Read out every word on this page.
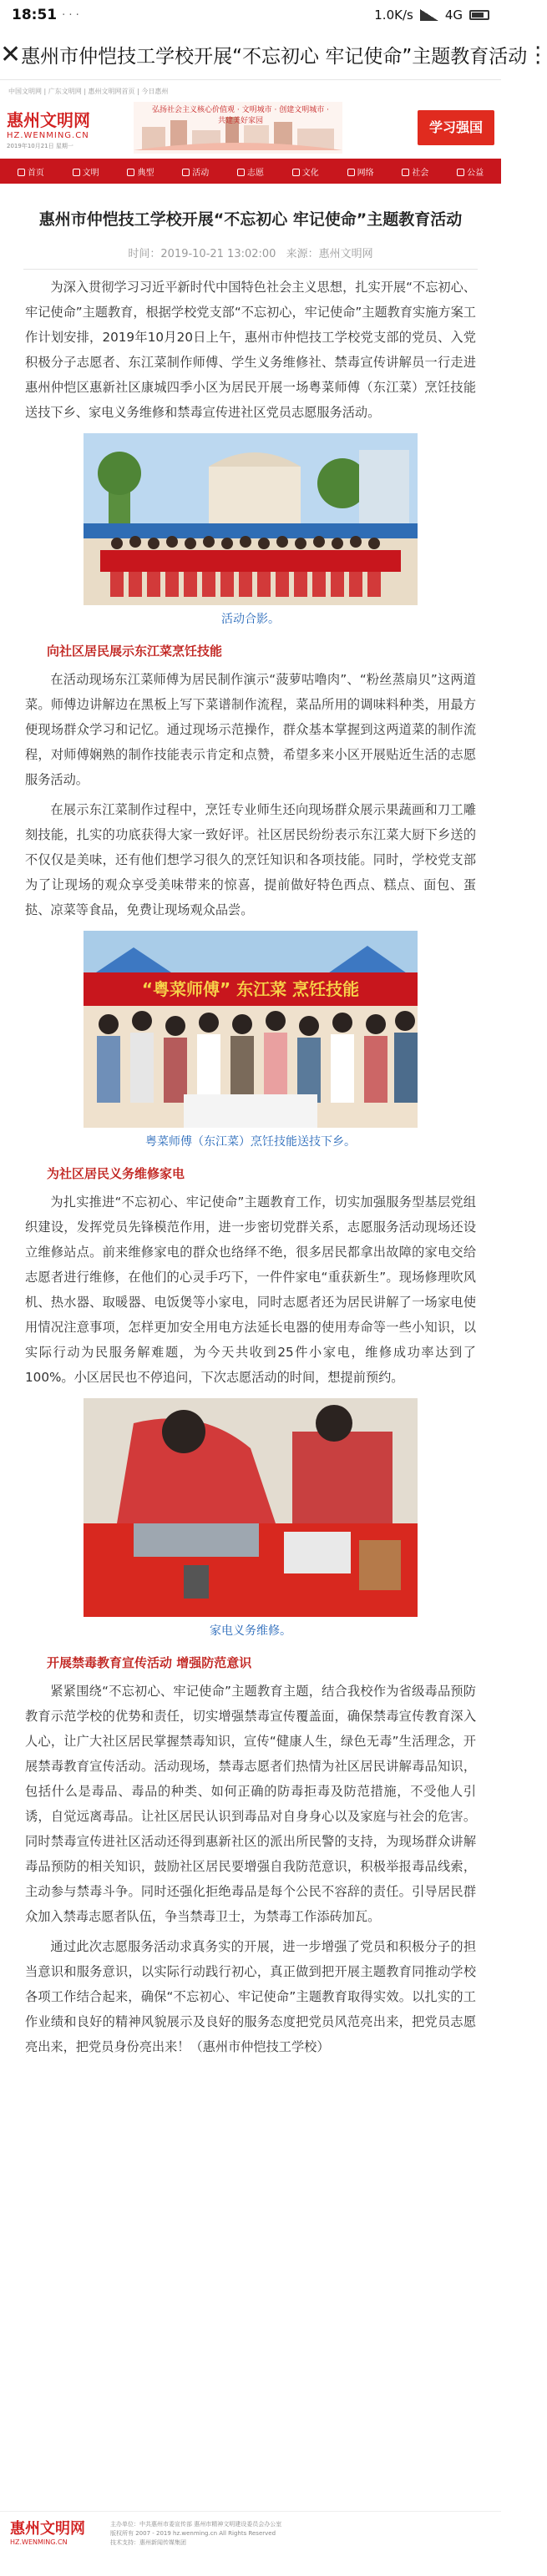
18:51 · · ·	1.0K/s	4G
✕ 惠州市仲恺技工学校开展“不忘初心 牢记使命”主题教育活动 ⋮
中国文明网 | 广东文明网 | 惠州文明网首页 | 今日惠州
惠州文明网
HZ.WENMING.CN
2019年10月21日 星期一
弘扬社会主义核心价值观 · 文明城市 · 创建文明城市 · 共建美好家园	学习强国
首页	文明	典型	活动	志愿	文化	网络	社会	公益
惠州市仲恺技工学校开展“不忘初心 牢记使命”主题教育活动
时间：2019-10-21 13:02:00 来源：惠州文明网

为深入贯彻学习习近平新时代中国特色社会主义思想，扎实开展“不忘初心、牢记使命”主题教育，根据学校党支部“不忘初心，牢记使命”主题教育实施方案工作计划安排，2019年10月20日上午，惠州市仲恺技工学校党支部的党员、入党积极分子志愿者、东江菜制作师傅、学生义务维修社、禁毒宣传讲解员一行走进惠州仲恺区惠新社区康城四季小区为居民开展一场粤菜师傅（东江菜）烹饪技能送技下乡、家电义务维修和禁毒宣传进社区党员志愿服务活动。

活动合影。
向社区居民展示东江菜烹饪技能

在活动现场东江菜师傅为居民制作演示“菠萝咕噜肉”、“粉丝蒸扇贝”这两道菜。师傅边讲解边在黑板上写下菜谱制作流程，菜品所用的调味料种类，用最方便现场群众学习和记忆。通过现场示范操作，群众基本掌握到这两道菜的制作流程，对师傅娴熟的制作技能表示肯定和点赞，希望多来小区开展贴近生活的志愿服务活动。

在展示东江菜制作过程中，烹饪专业师生还向现场群众展示果蔬画和刀工雕刻技能，扎实的功底获得大家一致好评。社区居民纷纷表示东江菜大厨下乡送的不仅仅是美味，还有他们想学习很久的烹饪知识和各项技能。同时，学校党支部为了让现场的观众享受美味带来的惊喜，提前做好特色西点、糕点、面包、蛋挞、凉菜等食品，免费让现场观众品尝。

“粤菜师傅” 东江菜 烹饪技能
粤菜师傅（东江菜）烹饪技能送技下乡。
为社区居民义务维修家电

为扎实推进“不忘初心、牢记使命”主题教育工作，切实加强服务型基层党组织建设，发挥党员先锋模范作用，进一步密切党群关系，志愿服务活动现场还设立维修站点。前来维修家电的群众也络绎不绝，很多居民都拿出故障的家电交给志愿者进行维修，在他们的心灵手巧下，一件件家电“重获新生”。现场修理吹风机、热水器、取暖器、电饭煲等小家电，同时志愿者还为居民讲解了一场家电使用情况注意事项，怎样更加安全用电方法延长电器的使用寿命等一些小知识，以实际行动为民服务解难题，为今天共收到25件小家电，维修成功率达到了100%。小区居民也不停追问，下次志愿活动的时间，想提前预约。

家电义务维修。
开展禁毒教育宣传活动 增强防范意识

紧紧围绕“不忘初心、牢记使命”主题教育主题，结合我校作为省级毒品预防教育示范学校的优势和责任，切实增强禁毒宣传覆盖面，确保禁毒宣传教育深入人心，让广大社区居民掌握禁毒知识，宣传“健康人生，绿色无毒”生活理念，开展禁毒教育宣传活动。活动现场，禁毒志愿者们热情为社区居民讲解毒品知识，包括什么是毒品、毒品的种类、如何正确的防毒拒毒及防范措施，不受他人引诱，自觉远离毒品。让社区居民认识到毒品对自身身心以及家庭与社会的危害。同时禁毒宣传进社区活动还得到惠新社区的派出所民警的支持，为现场群众讲解毒品预防的相关知识，鼓励社区居民要增强自我防范意识，积极举报毒品线索，主动参与禁毒斗争。同时还强化拒绝毒品是每个公民不容辞的责任。引导居民群众加入禁毒志愿者队伍，争当禁毒卫士，为禁毒工作添砖加瓦。

通过此次志愿服务活动求真务实的开展，进一步增强了党员和积极分子的担当意识和服务意识，以实际行动践行初心，真正做到把开展主题教育同推动学校各项工作结合起来，确保“不忘初心、牢记使命”主题教育取得实效。以扎实的工作业绩和良好的精神风貌展示及良好的服务态度把党员风范亮出来，把党员志愿亮出来，把党员身份亮出来！（惠州市仲恺技工学校）

惠州文明网
HZ.WENMING.CN
主办单位：中共惠州市委宣传部 惠州市精神文明建设委员会办公室
版权所有 2007 - 2019 hz.wenming.cn All Rights Reserved
技术支持：惠州新闻传媒集团
